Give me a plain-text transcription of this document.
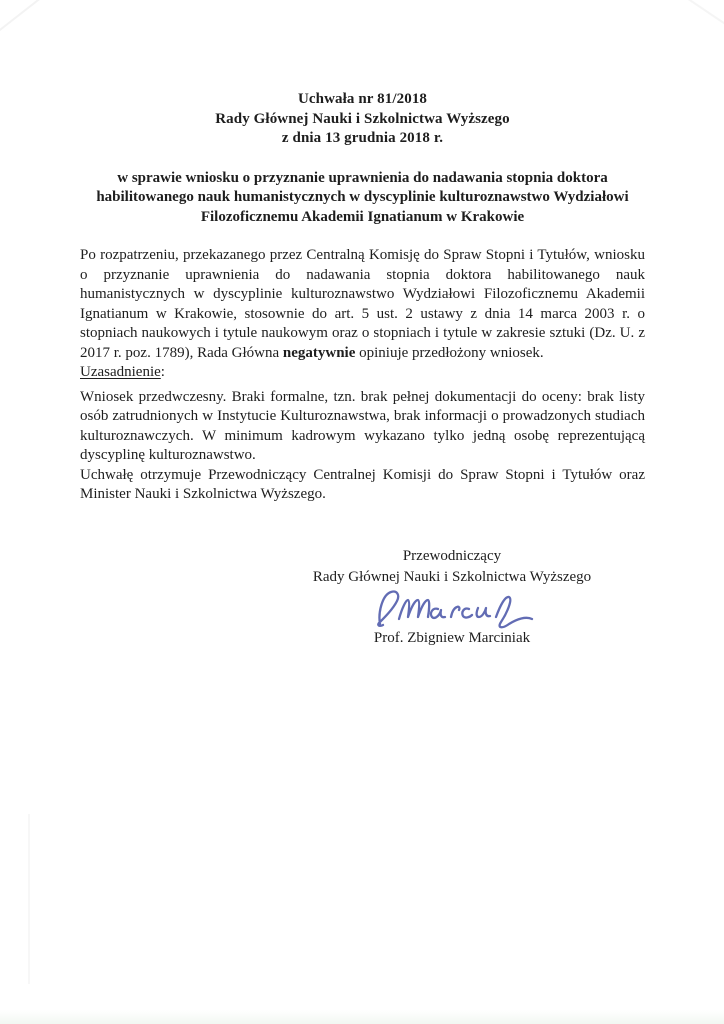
Uchwała nr 81/2018
Rady Głównej Nauki i Szkolnictwa Wyższego
z dnia 13 grudnia 2018 r.
w sprawie wniosku o przyznanie uprawnienia do nadawania stopnia doktora habilitowanego nauk humanistycznych w dyscyplinie kulturoznawstwo Wydziałowi Filozoficznemu Akademii Ignatianum w Krakowie

Po rozpatrzeniu, przekazanego przez Centralną Komisję do Spraw Stopni i Tytułów, wniosku o przyznanie uprawnienia do nadawania stopnia doktora habilitowanego nauk humanistycznych w dyscyplinie kulturoznawstwo Wydziałowi Filozoficznemu Akademii Ignatianum w Krakowie, stosownie do art. 5 ust. 2 ustawy z dnia 14 marca 2003 r. o stopniach naukowych i tytule naukowym oraz o stopniach i tytule w zakresie sztuki (Dz. U. z 2017 r. poz. 1789), Rada Główna negatywnie opiniuje przedłożony wniosek.

Uzasadnienie:

Wniosek przedwczesny. Braki formalne, tzn. brak pełnej dokumentacji do oceny: brak listy osób zatrudnionych w Instytucie Kulturoznawstwa, brak informacji o prowadzonych studiach kulturoznawczych. W minimum kadrowym wykazano tylko jedną osobę reprezentującą dyscyplinę kulturoznawstwo.

Uchwałę otrzymuje Przewodniczący Centralnej Komisji do Spraw Stopni i Tytułów oraz Minister Nauki i Szkolnictwa Wyższego.

Przewodniczący
Rady Głównej Nauki i Szkolnictwa Wyższego
Prof. Zbigniew Marciniak
